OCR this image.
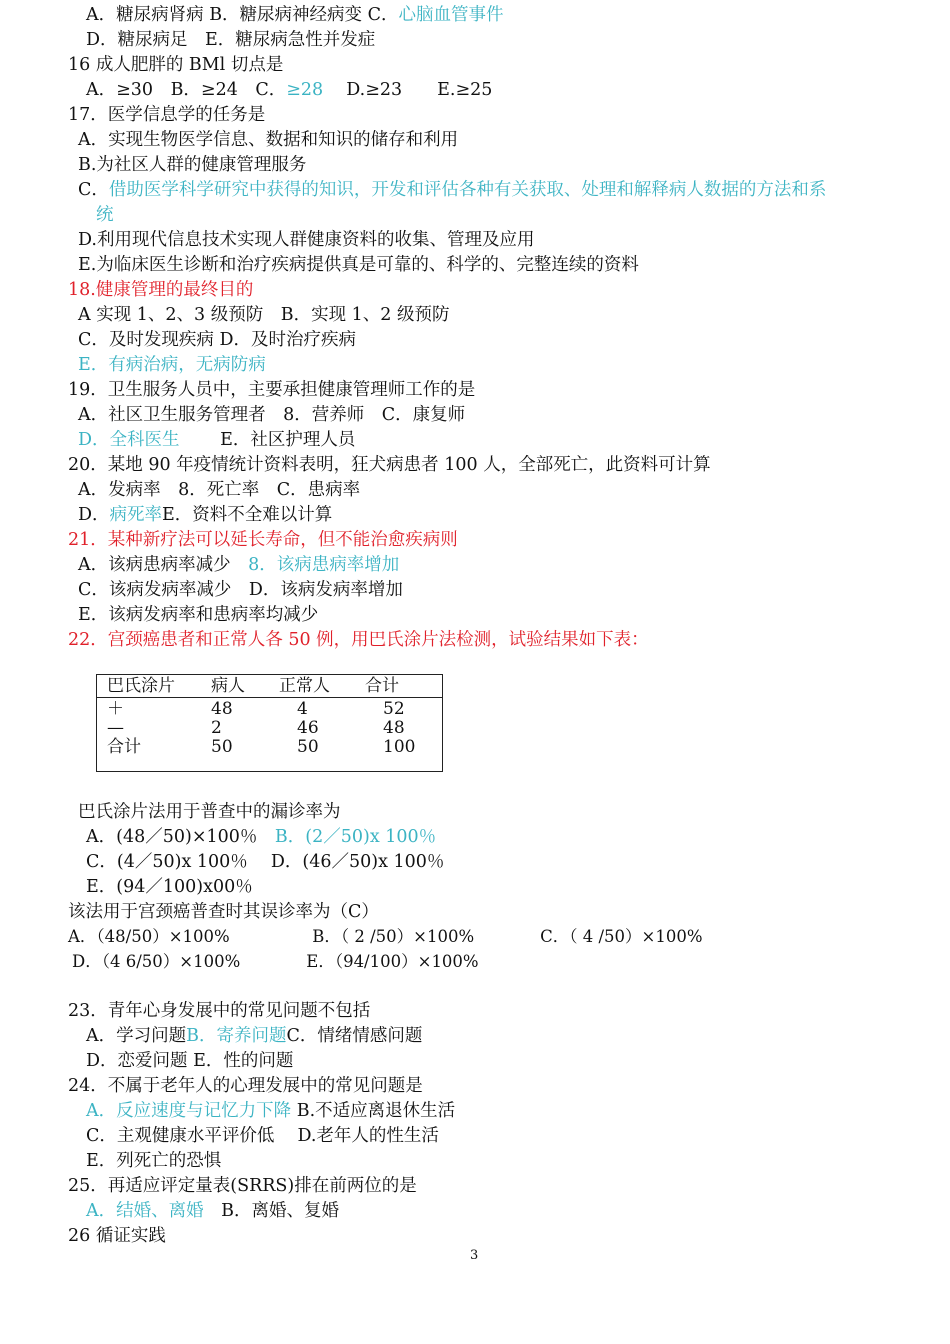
A．糖尿病肾病 B．糖尿病神经病变 C．心脑血管事件
D．糖尿病足　E．糖尿病急性并发症
16 成人肥胖的 BMl 切点是
A．≥30　B．≥24　C．≥28　 D.≥23　　E.≥25
17．医学信息学的任务是
A．实现生物医学信息、数据和知识的储存和利用
B.为社区人群的健康管理服务
C．借助医学科学研究中获得的知识，开发和评估各种有关获取、处理和解释病人数据的方法和系
统
D.利用现代信息技术实现人群健康资料的收集、管理及应用
E.为临床医生诊断和治疗疾病提供真是可靠的、科学的、完整连续的资料
18.健康管理的最终目的
A 实现 1、2、3 级预防　B．实现 1、2 级预防
C．及时发现疾病 D．及时治疗疾病
E．有病治病，无病防病
19．卫生服务人员中，主要承担健康管理师工作的是
A．社区卫生服务管理者　8．营养师　C．康复师
D．全科医生　　 E．社区护理人员
20．某地 90 年疫情统计资料表明，狂犬病患者 100 人，全部死亡，此资料可计算
A．发病率　8．死亡率　C．患病率
D．病死率E．资料不全难以计算
21．某种新疗法可以延长寿命，但不能治愈疾病则
A．该病患病率减少　8．该病患病率增加
C．该病发病率减少　D．该病发病率增加
E．该病发病率和患病率均减少
22．宫颈癌患者和正常人各 50 例，用巴氏涂片法检测，试验结果如下表：
巴氏涂片 病人 正常人 合计
＋	48	4	52
—	2	46	48
合计	50	50	100
巴氏涂片法用于普查中的漏诊率为
A．(48／50)×100％　B．(2／50)x 100％
C．(4／50)x 100％　 D．(46／50)x 100％
E．(94／100)x00％
该法用于宫颈癌普查时其误诊率为（C）
A．（48/50）×100%　　　　　B．（ 2 /50）×100%　　　　C．（ 4 /50）×100%
D．（4 6/50）×100%　　　　E．（94/100）×100%
23．青年心身发展中的常见问题不包括
A．学习问题B．寄养问题C．情绪情感问题
D．恋爱问题 E．性的问题
24．不属于老年人的心理发展中的常见问题是
A．反应速度与记忆力下降 B.不适应离退休生活
C．主观健康水平评价低　 D.老年人的性生活
E．列死亡的恐惧
25．再适应评定量表(SRRS)排在前两位的是
A．结婚、离婚　B．离婚、复婚
26 循证实践
3
